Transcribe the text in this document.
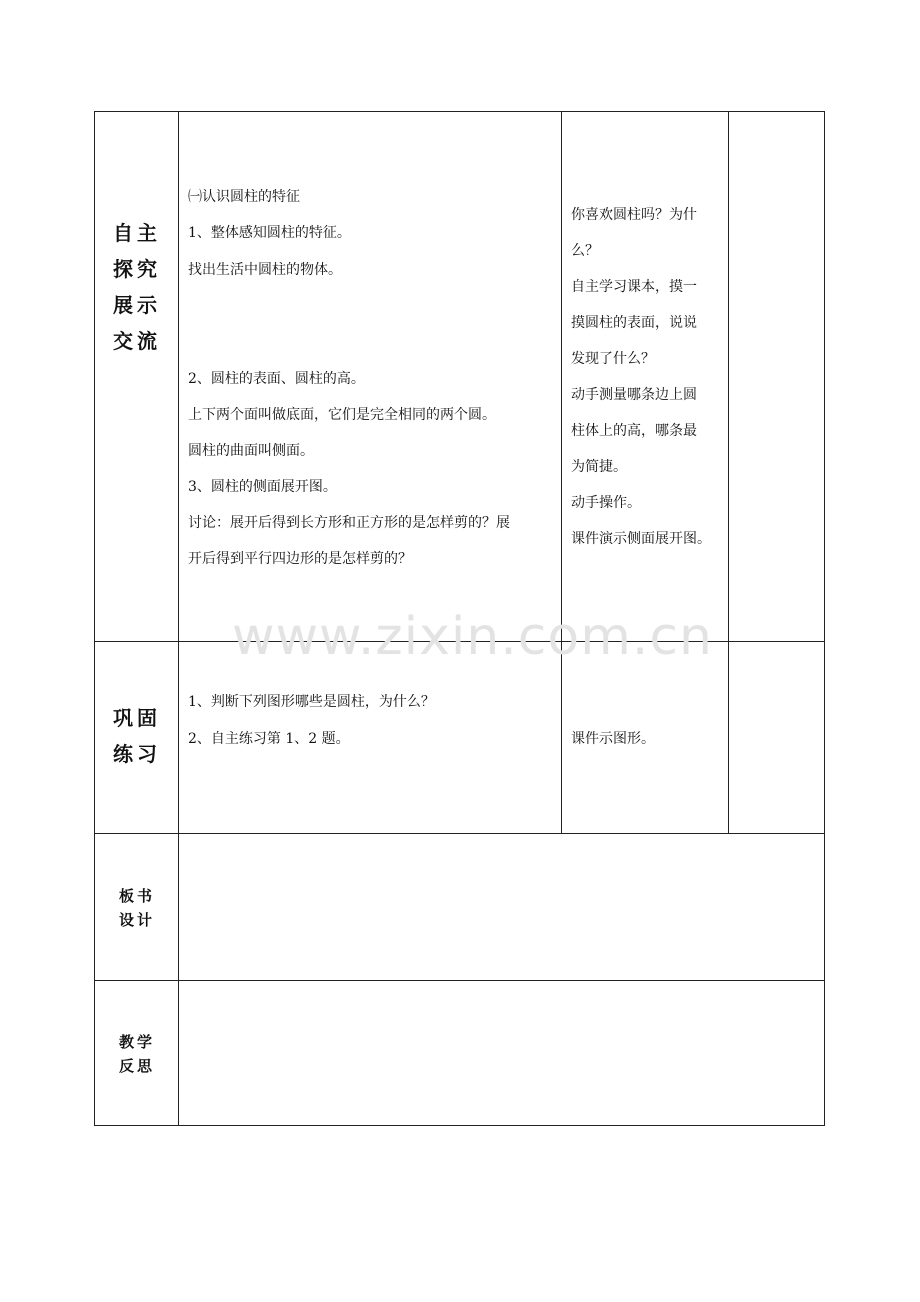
自主
探究
展示
交流
㈠认识圆柱的特征
1、整体感知圆柱的特征。
找出生活中圆柱的物体。
2、圆柱的表面、圆柱的高。
上下两个面叫做底面，它们是完全相同的两个圆。
圆柱的曲面叫侧面。
3、圆柱的侧面展开图。
讨论：展开后得到长方形和正方形的是怎样剪的？展
开后得到平行四边形的是怎样剪的？
你喜欢圆柱吗？为什
么？
自主学习课本，摸一
摸圆柱的表面，说说
发现了什么？
动手测量哪条边上圆
柱体上的高，哪条最
为简捷。
动手操作。
课件演示侧面展开图。
巩固
练习
1、判断下列图形哪些是圆柱，为什么？
2、自主练习第 1、2 题。	课件示图形。
板书
设计
教学
反思
www.zixin.com.cn
